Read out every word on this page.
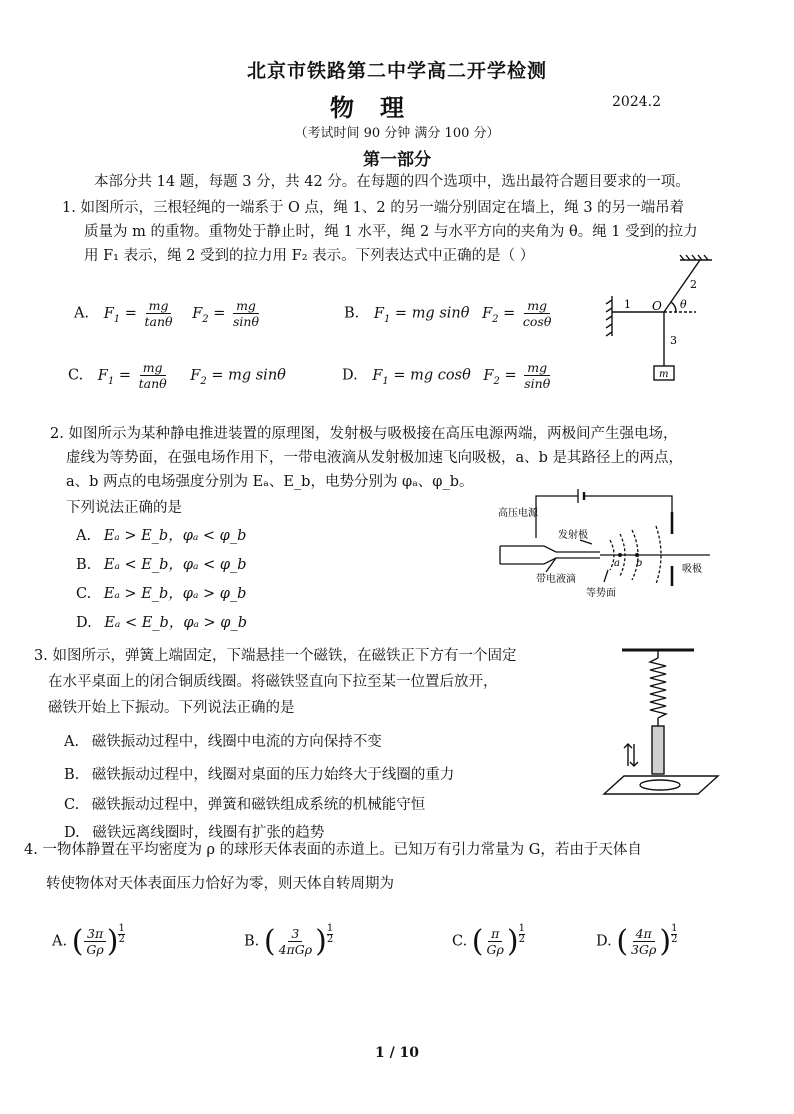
北京市铁路第二中学高二开学检测
物理	2024.2
（考试时间 90 分钟 满分 100 分）
第一部分
本部分共 14 题，每题 3 分，共 42 分。在每题的四个选项中，选出最符合题目要求的一项。
1. 如图所示，三根轻绳的一端系于 O 点，绳 1、2 的另一端分别固定在墙上，绳 3 的另一端吊着
质量为 m 的重物。重物处于静止时，绳 1 水平，绳 2 与水平方向的夹角为 θ。绳 1 受到的拉力
用 F₁ 表示，绳 2 受到的拉力用 F₂ 表示。下列表达式中正确的是（ ）
A. $F_1 = \frac{mg}{\tan\theta} F_2 = \frac{mg}{\sin\theta}$	B. $F_1$ = mg sinθ $F_2 = \frac{mg}{\cos\theta}$
C. $F_1 = \frac{mg}{\tan\theta} F_2$ = mg sinθ	D. $F_1$ = mg cosθ $F_2 = \frac{mg}{\sin\theta}$
1
2
3
O θ
m
2. 如图所示为某种静电推进装置的原理图，发射极与吸极接在高压电源两端，两极间产生强电场，
虚线为等势面，在强电场作用下，一带电液滴从发射极加速飞向吸极，a、b 是其路径上的两点，
a、b 两点的电场强度分别为 Eₐ、E_b，电势分别为 φₐ、φ_b。
下列说法正确的是
A. Eₐ > E_b，φₐ < φ_b
B. Eₐ < E_b，φₐ < φ_b
C. Eₐ > E_b，φₐ > φ_b
D. Eₐ < E_b，φₐ > φ_b
高压电源
发射极
带电液滴
等势面
吸极
a b
3. 如图所示，弹簧上端固定，下端悬挂一个磁铁，在磁铁正下方有一个固定
在水平桌面上的闭合铜质线圈。将磁铁竖直向下拉至某一位置后放开，
磁铁开始上下振动。下列说法正确的是
A. 磁铁振动过程中，线圈中电流的方向保持不变
B. 磁铁振动过程中，线圈对桌面的压力始终大于线圈的重力
C. 磁铁振动过程中，弹簧和磁铁组成系统的机械能守恒
D. 磁铁远离线圈时，线圈有扩张的趋势
4. 一物体静置在平均密度为 ρ 的球形天体表面的赤道上。已知万有引力常量为 G，若由于天体自
转使物体对天体表面压力恰好为零，则天体自转周期为
A. ( $\frac{3\pi}{G\rho}$ ) $\frac{1}{2}$	B. ( $\frac{3}{\text{4πGρ}}$ ) $\frac{1}{2}$	C. ( $\frac{\pi}{G\rho}$ ) $\frac{1}{2}$	D. ( $\frac{4\pi}{3G\rho}$ ) $\frac{1}{2}$
1 / 10
